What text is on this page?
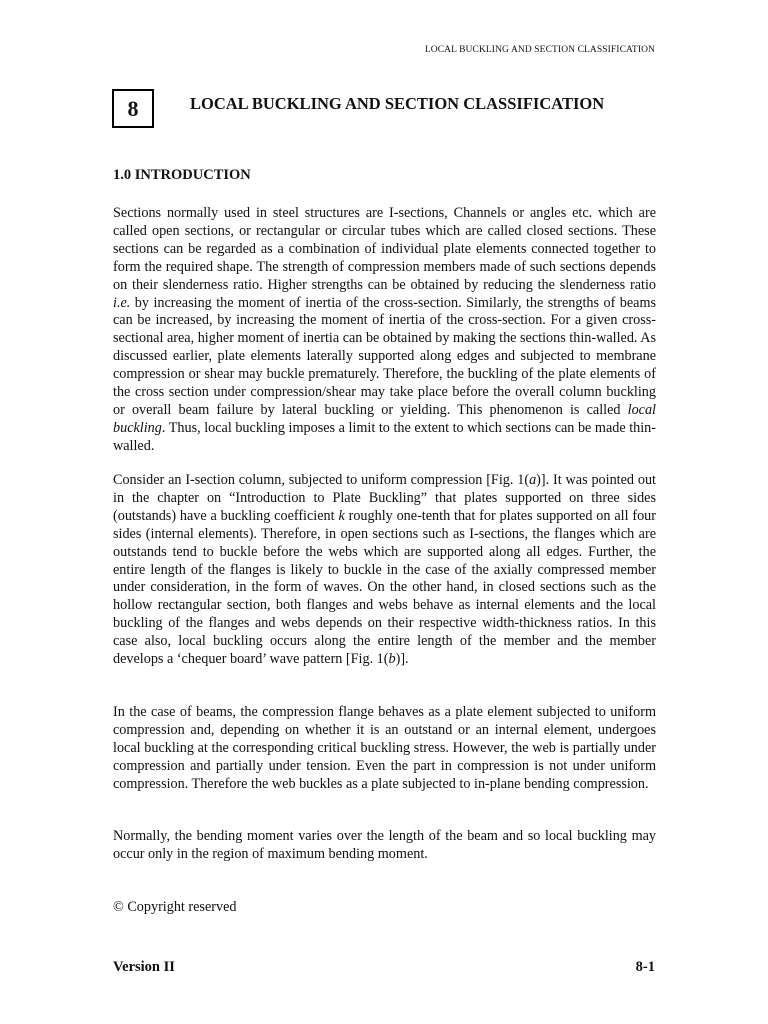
LOCAL BUCKLING AND SECTION CLASSIFICATION
8	LOCAL BUCKLING AND SECTION CLASSIFICATION
1.0 INTRODUCTION

Sections normally used in steel structures are I-sections, Channels or angles etc. which are called open sections, or rectangular or circular tubes which are called closed sections. These sections can be regarded as a combination of individual plate elements connected together to form the required shape. The strength of compression members made of such sections depends on their slenderness ratio. Higher strengths can be obtained by reducing the slenderness ratio i.e. by increasing the moment of inertia of the cross-section. Similarly, the strengths of beams can be increased, by increasing the moment of inertia of the cross-section. For a given cross-sectional area, higher moment of inertia can be obtained by making the sections thin-walled. As discussed earlier, plate elements laterally supported along edges and subjected to membrane compression or shear may buckle prematurely. Therefore, the buckling of the plate elements of the cross section under compression/shear may take place before the overall column buckling or overall beam failure by lateral buckling or yielding. This phenomenon is called local buckling. Thus, local buckling imposes a limit to the extent to which sections can be made thin-walled.

Consider an I-section column, subjected to uniform compression [Fig. 1(a)]. It was pointed out in the chapter on “Introduction to Plate Buckling” that plates supported on three sides (outstands) have a buckling coefficient k roughly one-tenth that for plates supported on all four sides (internal elements). Therefore, in open sections such as I-sections, the flanges which are outstands tend to buckle before the webs which are supported along all edges. Further, the entire length of the flanges is likely to buckle in the case of the axially compressed member under consideration, in the form of waves. On the other hand, in closed sections such as the hollow rectangular section, both flanges and webs behave as internal elements and the local buckling of the flanges and webs depends on their respective width-thickness ratios. In this case also, local buckling occurs along the entire length of the member and the member develops a ‘chequer board’ wave pattern [Fig. 1(b)].

In the case of beams, the compression flange behaves as a plate element subjected to uniform compression and, depending on whether it is an outstand or an internal element, undergoes local buckling at the corresponding critical buckling stress. However, the web is partially under compression and partially under tension. Even the part in compression is not under uniform compression. Therefore the web buckles as a plate subjected to in-plane bending compression.

Normally, the bending moment varies over the length of the beam and so local buckling may occur only in the region of maximum bending moment.

© Copyright reserved
Version II	8-1
